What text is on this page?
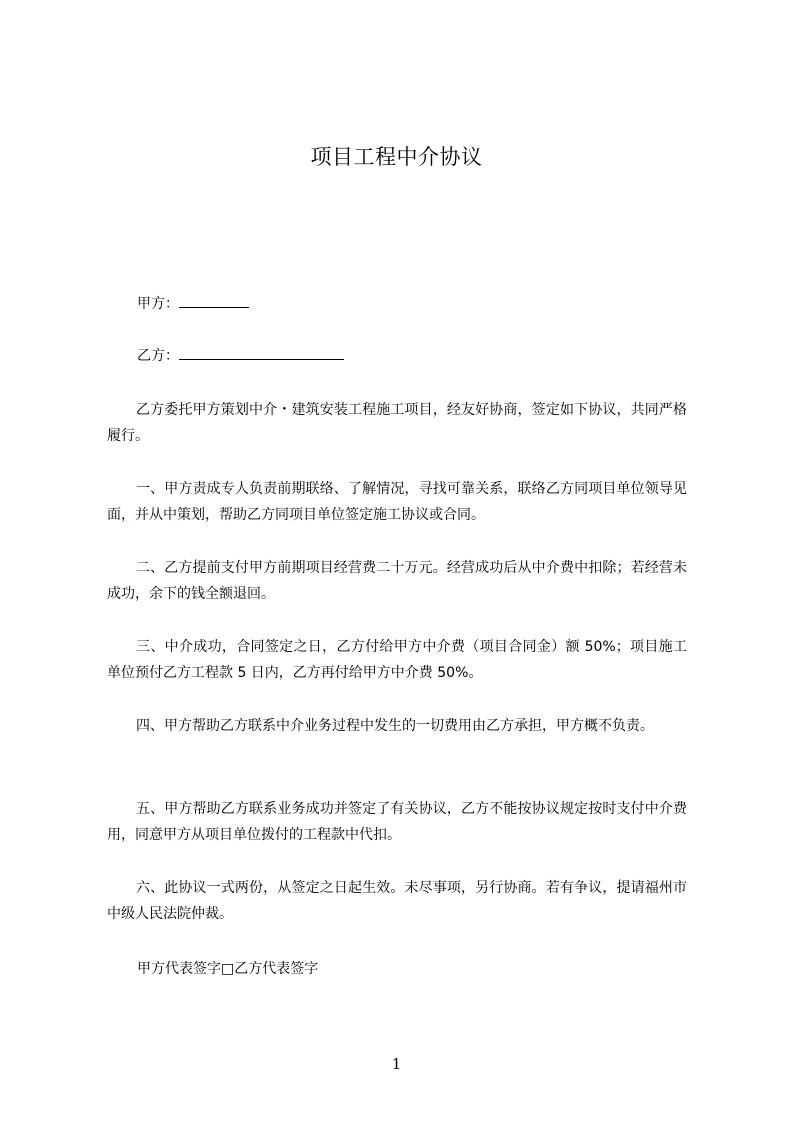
项目工程中介协议
甲方：
乙方：
乙方委托甲方策划中介・建筑安装工程施工项目，经友好协商，签定如下协议，共同严格履行。
一、甲方责成专人负责前期联络、了解情况，寻找可靠关系，联络乙方同项目单位领导见面，并从中策划，帮助乙方同项目单位签定施工协议或合同。
二、乙方提前支付甲方前期项目经营费二十万元。经营成功后从中介费中扣除；若经营未成功，余下的钱全额退回。
三、中介成功，合同签定之日，乙方付给甲方中介费（项目合同金）额 50%；项目施工单位预付乙方工程款 5 日内，乙方再付给甲方中介费 50%。
四、甲方帮助乙方联系中介业务过程中发生的一切费用由乙方承担，甲方概不负责。
五、甲方帮助乙方联系业务成功并签定了有关协议，乙方不能按协议规定按时支付中介费用，同意甲方从项目单位拨付的工程款中代扣。
六、此协议一式两份，从签定之日起生效。未尽事项，另行协商。若有争议，提请福州市中级人民法院仲裁。
甲方代表签字□乙方代表签字
1
